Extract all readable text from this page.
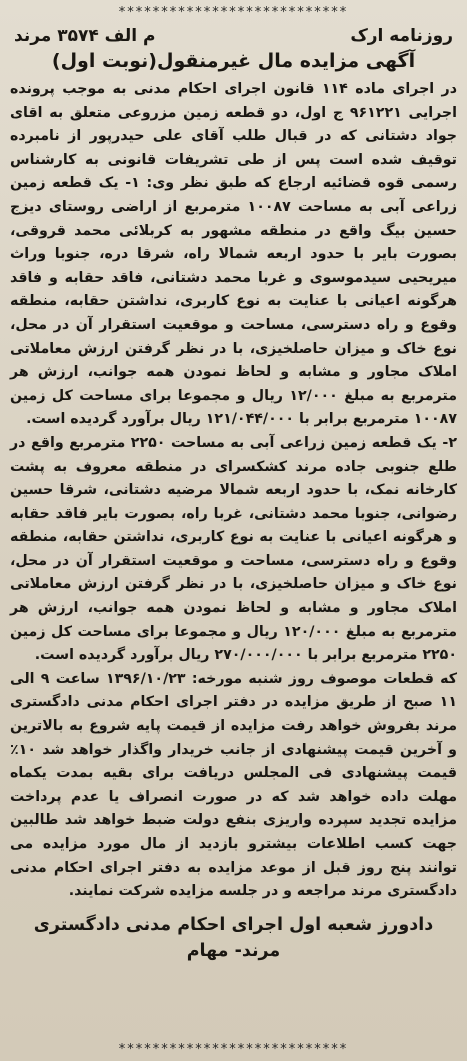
***************************
روزنامه ارک
م الف ۳۵۷۴ مرند
آگهی مزایده مال غیرمنقول(نوبت اول)

در اجرای ماده ۱۱۴ قانون اجرای احکام مدنی به موجب پرونده اجرایی ۹۶۱۲۲۱ ج اول، دو قطعه زمین مزروعی متعلق به اقای جواد دشتانی که در قبال طلب آقای علی حیدرپور از نامبرده توقیف شده است پس از طی تشریفات قانونی به کارشناس رسمی قوه قضائیه ارجاع که طبق نظر وی: ۱- یک قطعه زمین زراعی آبی به مساحت ۱۰۰۸۷ مترمربع از اراضی روستای دیزج حسین بیگ واقع در منطقه مشهور به کربلائی محمد قروقی، بصورت بایر با حدود اربعه شمالا راه، شرقا دره، جنوبا وراث میریحیی سیدموسوی و غربا محمد دشتانی، فاقد حقابه و فاقد هرگونه اعیانی با عنایت به نوع کاربری، نداشتن حقابه، منطقه وقوع و راه دسترسی، مساحت و موقعیت استقرار آن در محل، نوع خاک و میزان حاصلخیزی، با در نظر گرفتن ارزش معاملاتی املاک مجاور و مشابه و لحاظ نمودن همه جوانب، ارزش هر مترمربع به مبلغ ۱۲/۰۰۰ ریال و مجموعا برای مساحت کل زمین ۱۰۰۸۷ مترمربع برابر با ۱۲۱/۰۴۴/۰۰۰ ریال برآورد گردیده است.

۲- یک قطعه زمین زراعی آبی به مساحت ۲۲۵۰ مترمربع واقع در طلع جنوبی جاده مرند کشکسرای در منطقه معروف به پشت کارخانه نمک، با حدود اربعه شمالا مرضیه دشتانی، شرقا حسین رضوانی، جنوبا محمد دشتانی، غربا راه، بصورت بایر فاقد حقابه و هرگونه اعیانی با عنایت به نوع کاربری، نداشتن حقابه، منطقه وقوع و راه دسترسی، مساحت و موقعیت استقرار آن در محل، نوع خاک و میزان حاصلخیزی، با در نظر گرفتن ارزش معاملاتی املاک مجاور و مشابه و لحاظ نمودن همه جوانب، ارزش هر مترمربع به مبلغ ۱۲۰/۰۰۰ ریال و مجموعا برای مساحت کل زمین ۲۲۵۰ مترمربع برابر با ۲۷۰/۰۰۰/۰۰۰ ریال برآورد گردیده است.

که قطعات موصوف روز شنبه مورخه: ۱۳۹۶/۱۰/۲۳ ساعت ۹ الی ۱۱ صبح از طریق مزایده در دفتر اجرای احکام مدنی دادگستری مرند بفروش خواهد رفت مزایده از قیمت پایه شروع به بالاترین و آخرین قیمت پیشنهادی از جانب خریدار واگذار خواهد شد ۱۰٪ قیمت پیشنهادی فی المجلس دریافت برای بقیه بمدت یکماه مهلت داده خواهد شد که در صورت انصراف یا عدم پرداخت مزایده تجدید سپرده واریزی بنفع دولت ضبط خواهد شد طالبین جهت کسب اطلاعات بیشترو بازدید از مال مورد مزایده می توانند پنج روز قبل از موعد مزایده به دفتر اجرای احکام مدنی دادگستری مرند مراجعه و در جلسه مزایده شرکت نمایند.

دادورز شعبه اول اجرای احکام مدنی دادگستری
مرند- مهام
***************************
